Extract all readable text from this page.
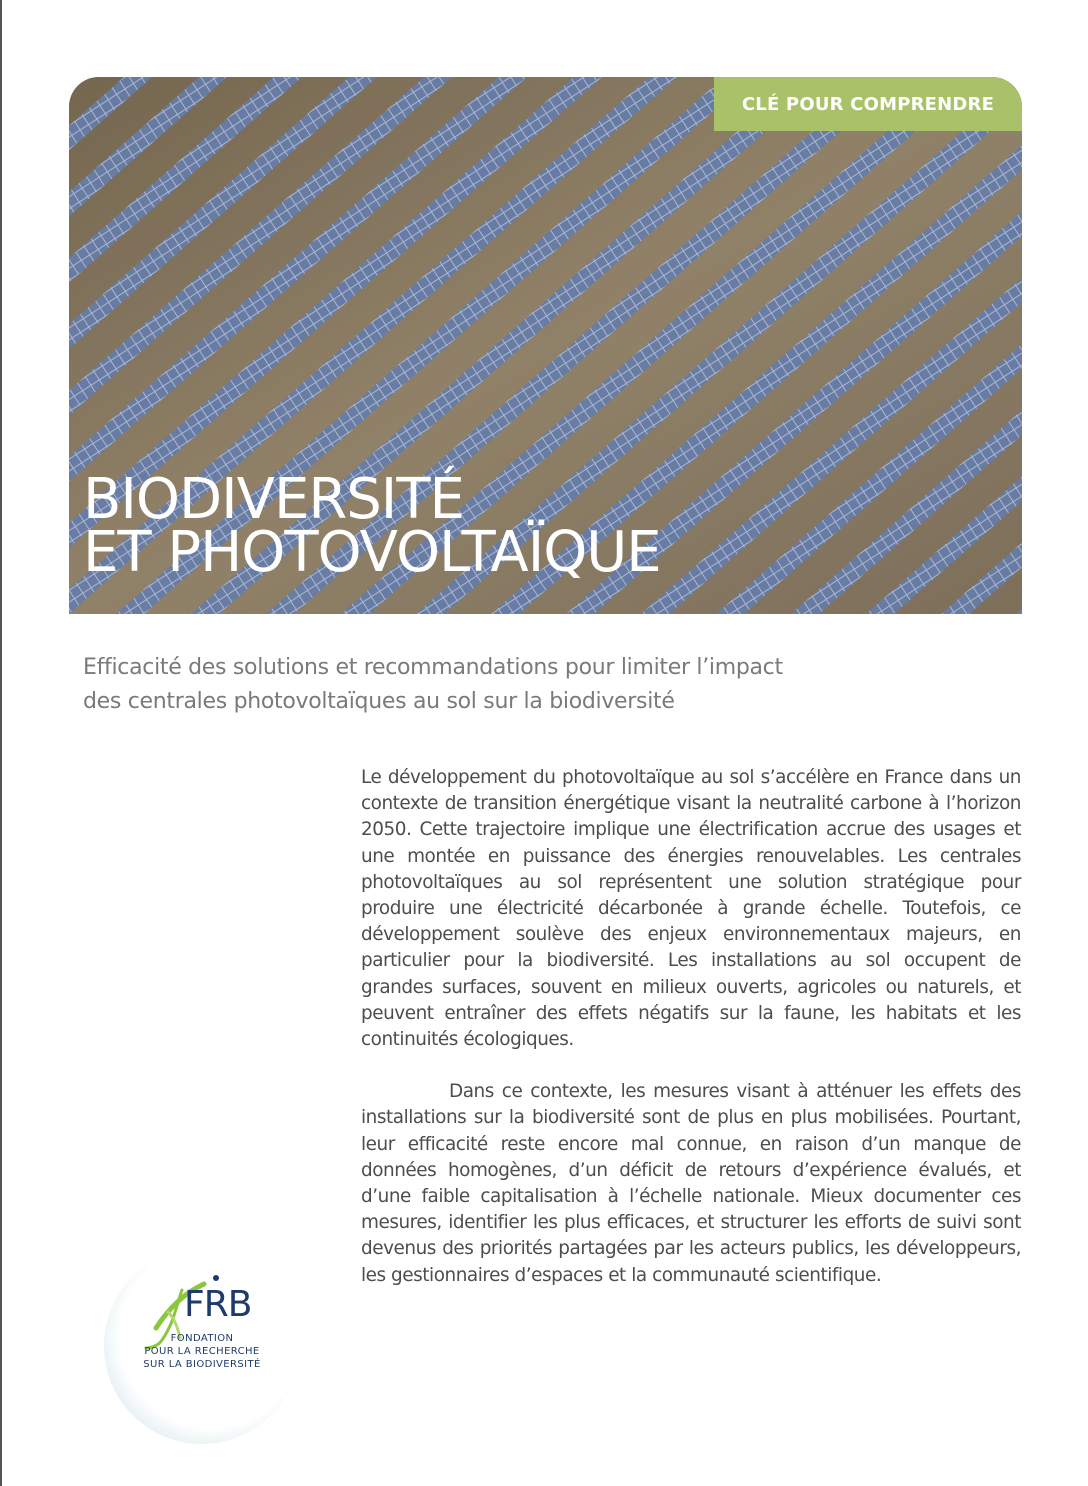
CLÉ POUR COMPRENDRE
BIODIVERSITÉ
ET PHOTOVOLTAÏQUE
Efficacité des solutions et recommandations pour limiter l’impact
des centrales photovoltaïques au sol sur la biodiversité

Le développement du photovoltaïque au sol s’accélère en France dans un contexte de transition énergétique visant la neutralité carbone à l’horizon 2050. Cette trajectoire implique une électrification accrue des usages et une montée en puissance des énergies renouvelables. Les centrales photovoltaïques au sol représentent une solution stratégique pour produire une électricité décarbonée à grande échelle. Toutefois, ce développement soulève des enjeux environnementaux majeurs, en particulier pour la biodiversité. Les installations au sol occupent de grandes surfaces, souvent en milieux ouverts, agricoles ou naturels, et peuvent entraîner des effets négatifs sur la faune, les habitats et les continuités écologiques.

Dans ce contexte, les mesures visant à atténuer les effets des installations sur la biodiversité sont de plus en plus mobilisées. Pourtant, leur efficacité reste encore mal connue, en raison d’un manque de données homogènes, d’un déficit de retours d’expérience évalués, et d’une faible capitalisation à l’échelle nationale. Mieux documenter ces mesures, identifier les plus efficaces, et structurer les efforts de suivi sont devenus des priorités partagées par les acteurs publics, les développeurs, les gestionnaires d’espaces et la communauté scientifique.

FRB
FONDATION
POUR LA RECHERCHE
SUR LA BIODIVERSITÉ
